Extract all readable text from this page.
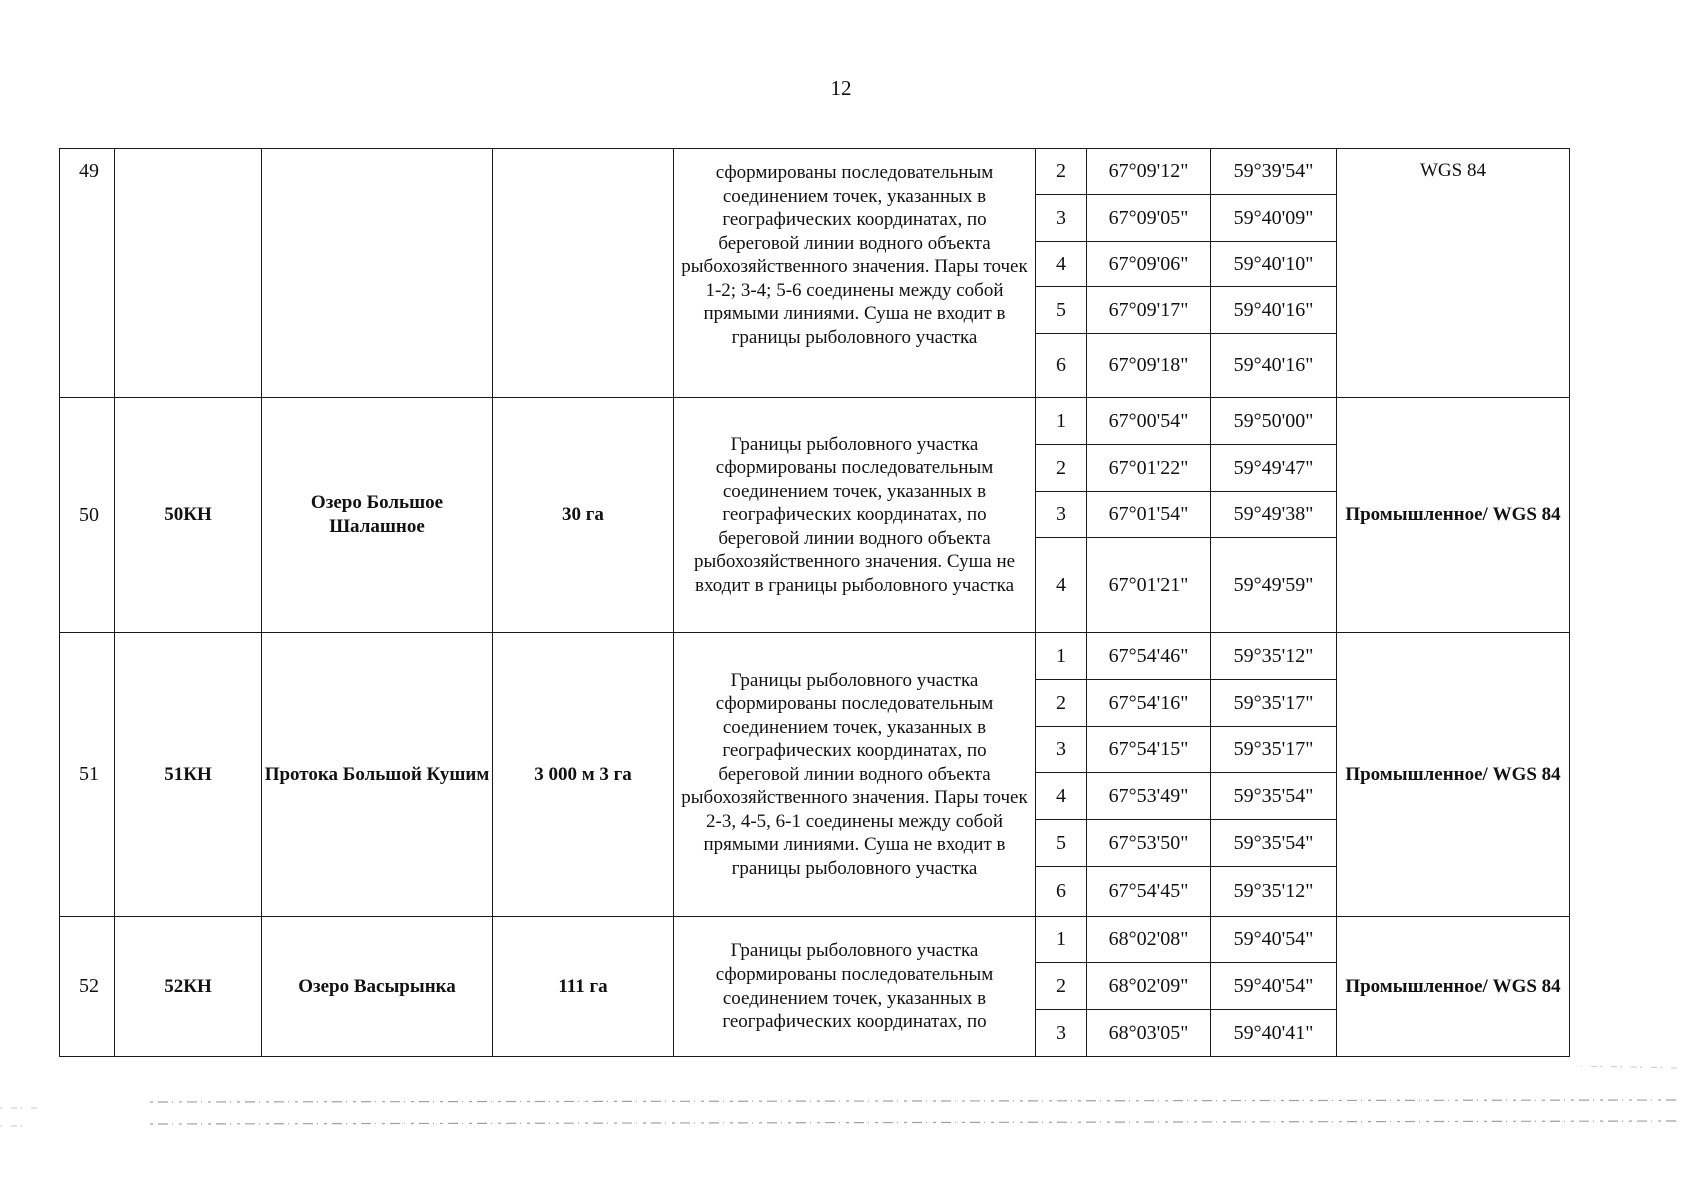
12
49				сформированы последовательным соединением точек, указанных в географических координатах, по береговой линии водного объекта рыбохозяйственного значения. Пары точек 1-2; 3-4; 5-6 соединены между собой прямыми линиями. Суша не входит в границы рыболовного участка	2	67°09'12"	59°39'54"	WGS 84
					3	67°09'05"	59°40'09"	
					4	67°09'06"	59°40'10"	
					5	67°09'17"	59°40'16"	
					6	67°09'18"	59°40'16"	
50	50КН	Озеро Большое Шалашное	30 га	Границы рыболовного участка сформированы последовательным соединением точек, указанных в географических координатах, по береговой линии водного объекта рыбохозяйственного значения. Суша не входит в границы рыболовного участка	1	67°00'54"	59°50'00"	Промышленное/ WGS 84
					2	67°01'22"	59°49'47"	
					3	67°01'54"	59°49'38"	
					4	67°01'21"	59°49'59"	
51	51КН	Протока Большой Кушим	3 000 м 3 га	Границы рыболовного участка сформированы последовательным соединением точек, указанных в географических координатах, по береговой линии водного объекта рыбохозяйственного значения. Пары точек 2-3, 4-5, 6-1 соединены между собой прямыми линиями. Суша не входит в границы рыболовного участка	1	67°54'46"	59°35'12"	Промышленное/ WGS 84
					2	67°54'16"	59°35'17"	
					3	67°54'15"	59°35'17"	
					4	67°53'49"	59°35'54"	
					5	67°53'50"	59°35'54"	
					6	67°54'45"	59°35'12"	
52	52КН	Озеро Васырынка	111 га	Границы рыболовного участка сформированы последовательным соединением точек, указанных в географических координатах, по	1	68°02'08"	59°40'54"	Промышленное/ WGS 84
					2	68°02'09"	59°40'54"	
					3	68°03'05"	59°40'41"	
